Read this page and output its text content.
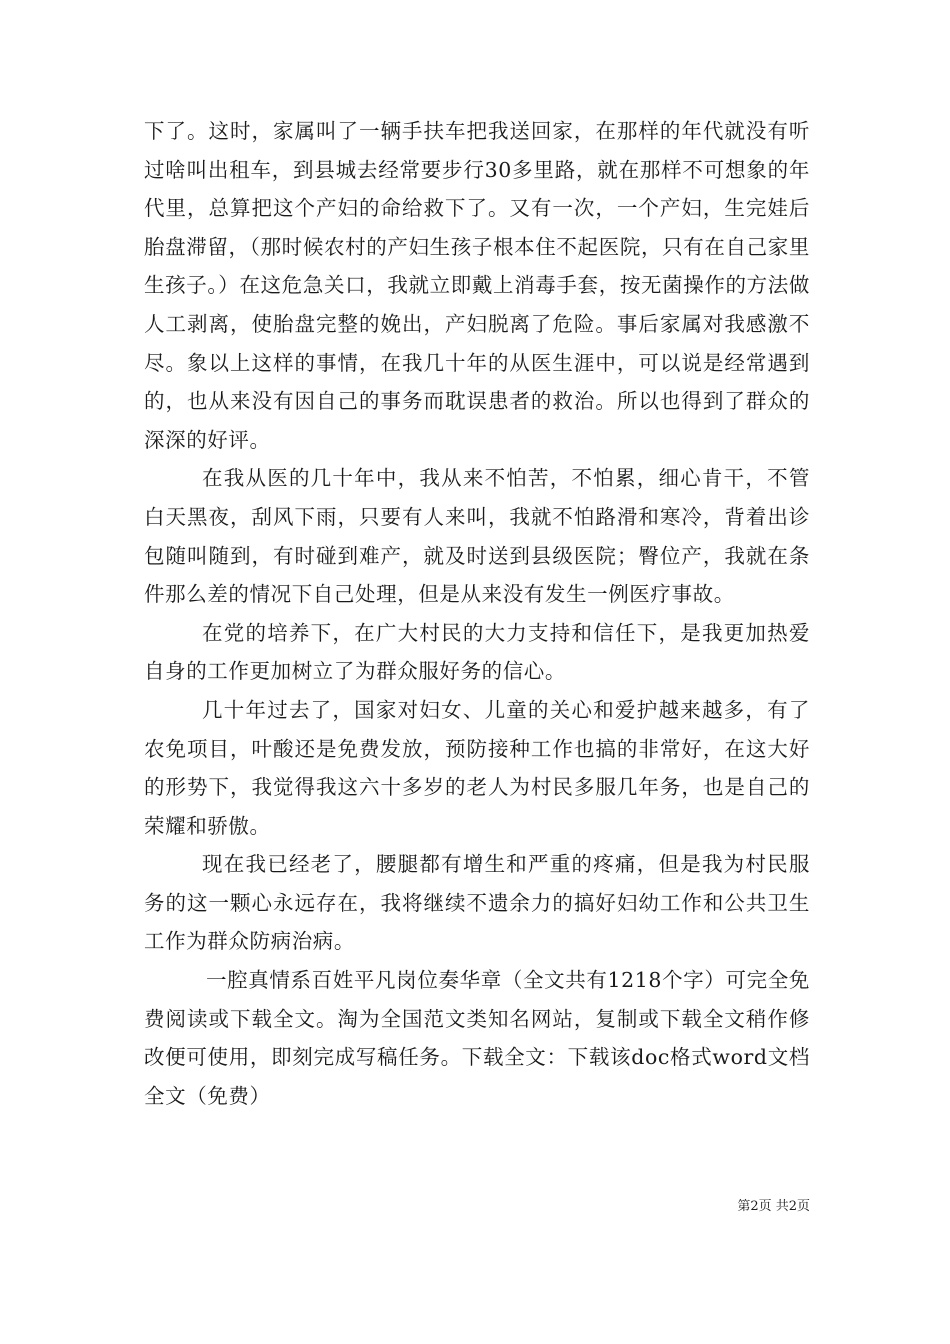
下了。这时，家属叫了一辆手扶车把我送回家，在那样的年代就没有听过啥叫出租车，到县城去经常要步行30多里路，就在那样不可想象的年代里，总算把这个产妇的命给救下了。又有一次，一个产妇，生完娃后胎盘滞留，（那时候农村的产妇生孩子根本住不起医院，只有在自己家里生孩子。）在这危急关口，我就立即戴上消毒手套，按无菌操作的方法做人工剥离，使胎盘完整的娩出，产妇脱离了危险。事后家属对我感激不尽。象以上这样的事情，在我几十年的从医生涯中，可以说是经常遇到的，也从来没有因自己的事务而耽误患者的救治。所以也得到了群众的深深的好评。

在我从医的几十年中，我从来不怕苦，不怕累，细心肯干，不管白天黑夜，刮风下雨，只要有人来叫，我就不怕路滑和寒冷，背着出诊包随叫随到，有时碰到难产，就及时送到县级医院；臀位产，我就在条件那么差的情况下自己处理，但是从来没有发生一例医疗事故。

在党的培养下，在广大村民的大力支持和信任下，是我更加热爱自身的工作更加树立了为群众服好务的信心。

几十年过去了，国家对妇女、儿童的关心和爱护越来越多，有了农免项目，叶酸还是免费发放，预防接种工作也搞的非常好，在这大好的形势下，我觉得我这六十多岁的老人为村民多服几年务，也是自己的荣耀和骄傲。

现在我已经老了，腰腿都有增生和严重的疼痛，但是我为村民服务的这一颗心永远存在，我将继续不遗余力的搞好妇幼工作和公共卫生工作为群众防病治病。

一腔真情系百姓平凡岗位奏华章（全文共有1218个字）可完全免费阅读或下载全文。淘为全国范文类知名网站，复制或下载全文稍作修改便可使用，即刻完成写稿任务。下载全文：下载该doc格式word文档全文（免费）

第2页 共2页
